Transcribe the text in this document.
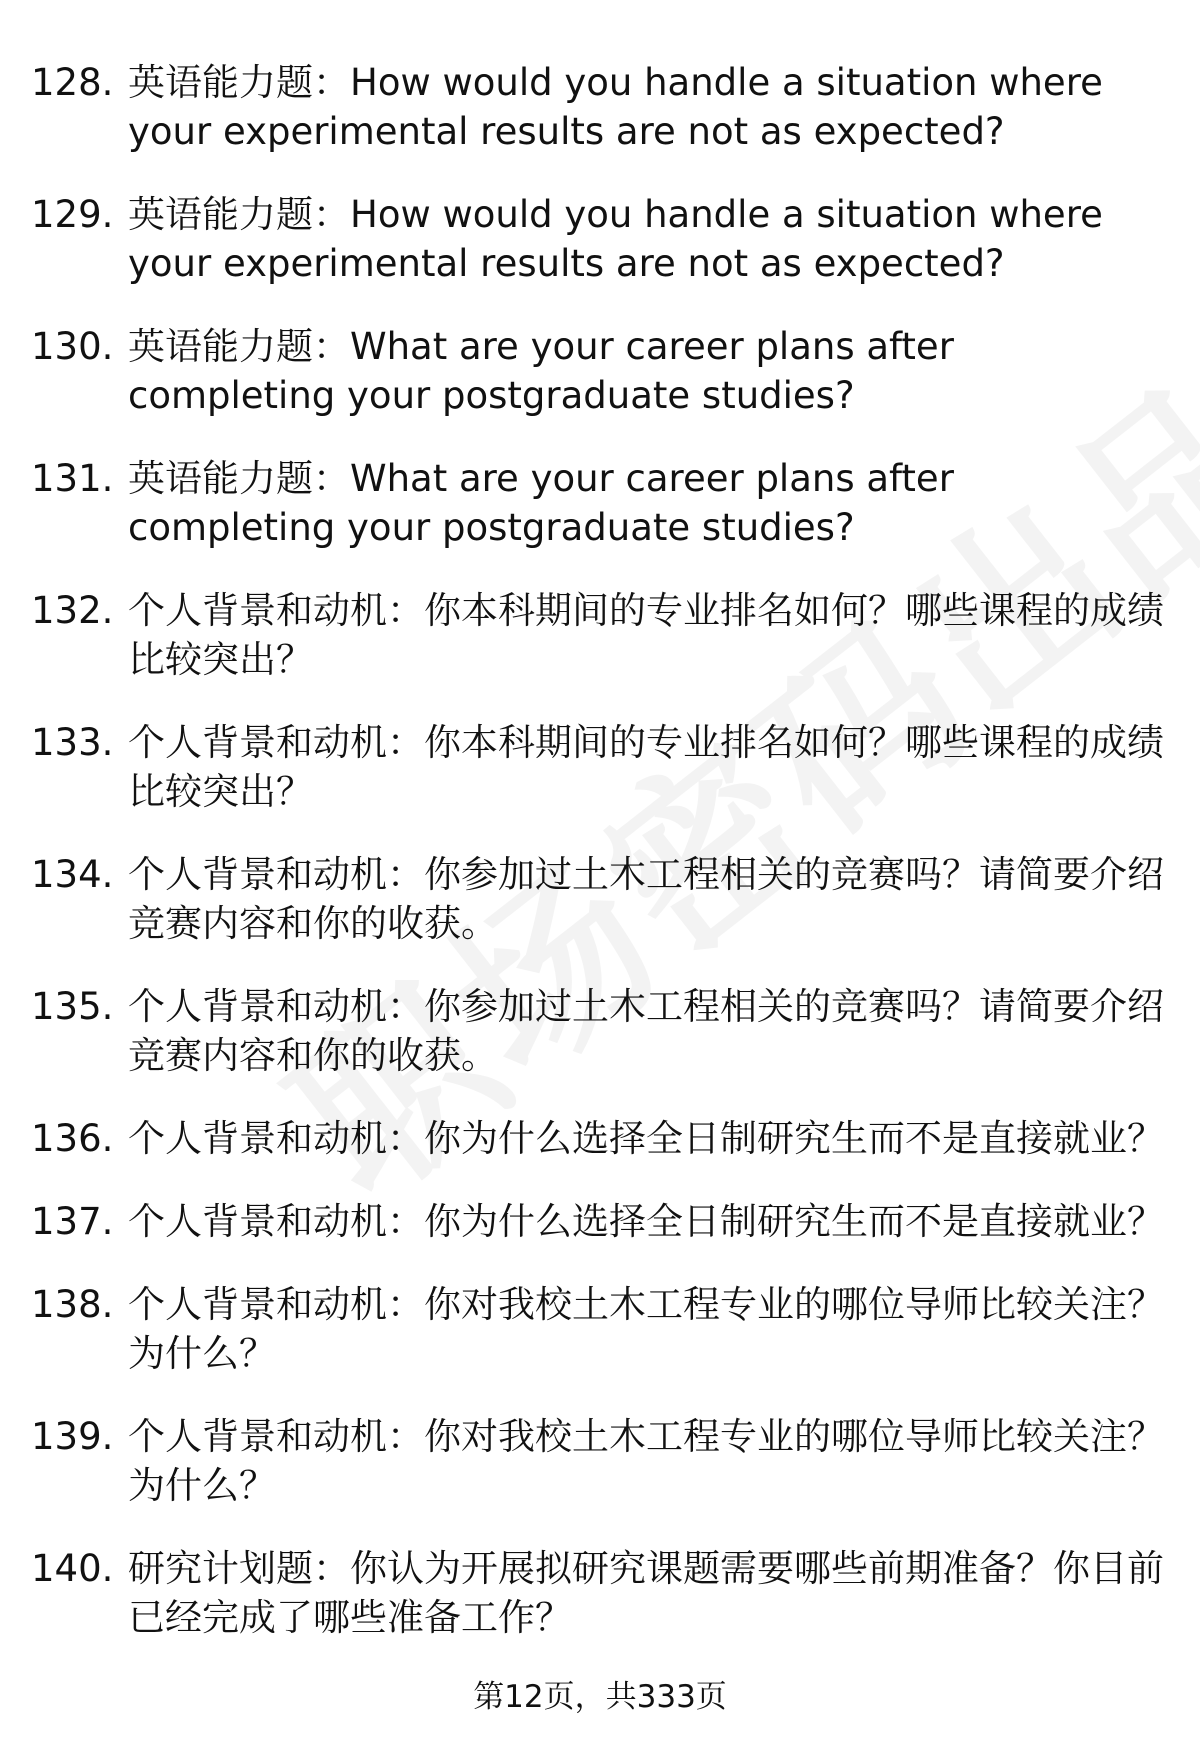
128. 英语能力题：How would you handle a situation where your experimental results are not as expected?
129. 英语能力题：How would you handle a situation where your experimental results are not as expected?
130. 英语能力题：What are your career plans after completing your postgraduate studies?
131. 英语能力题：What are your career plans after completing your postgraduate studies?
132. 个人背景和动机：你本科期间的专业排名如何？哪些课程的成绩比较突出？
133. 个人背景和动机：你本科期间的专业排名如何？哪些课程的成绩比较突出？
134. 个人背景和动机：你参加过土木工程相关的竞赛吗？请简要介绍竞赛内容和你的收获。
135. 个人背景和动机：你参加过土木工程相关的竞赛吗？请简要介绍竞赛内容和你的收获。
136. 个人背景和动机：你为什么选择全日制研究生而不是直接就业？
137. 个人背景和动机：你为什么选择全日制研究生而不是直接就业？
138. 个人背景和动机：你对我校土木工程专业的哪位导师比较关注？为什么？
139. 个人背景和动机：你对我校土木工程专业的哪位导师比较关注？为什么？
140. 研究计划题：你认为开展拟研究课题需要哪些前期准备？你目前已经完成了哪些准备工作？
第12页，共333页
